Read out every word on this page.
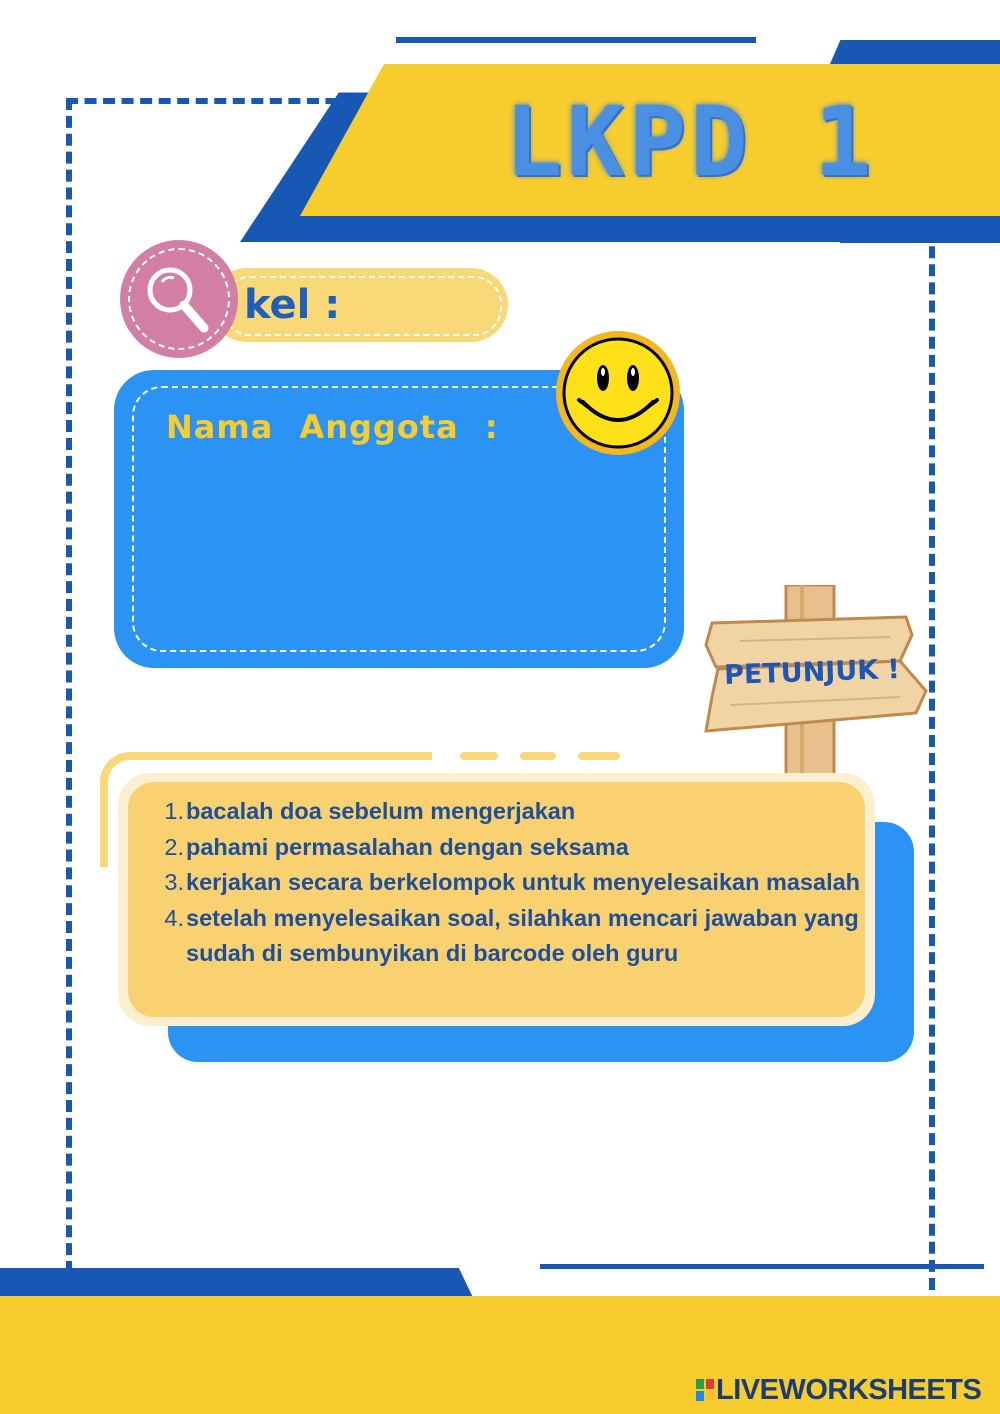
LKPD 1
kel :
Nama Anggota :
PETUNJUK !
1. bacalah doa sebelum mengerjakan
2. pahami permasalahan dengan seksama
3. kerjakan secara berkelompok untuk menyelesaikan masalah
4. setelah menyelesaikan soal, silahkan mencari jawaban yang sudah di sembunyikan di barcode oleh guru
LIVEWORKSHEETS
